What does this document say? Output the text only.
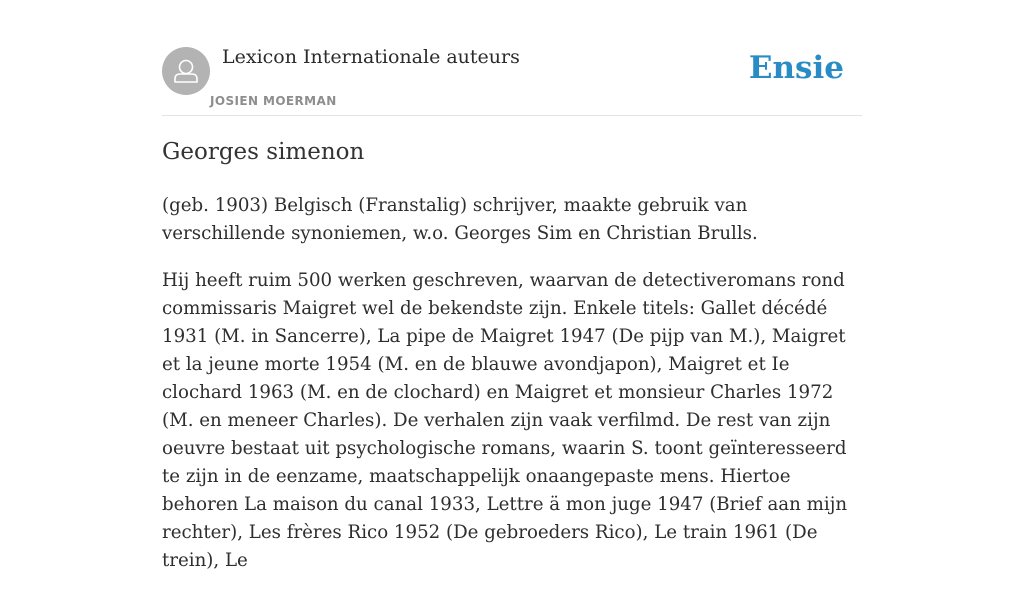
Lexicon Internationale auteurs
JOSIEN MOERMAN
Ensie
Georges simenon

(geb. 1903) Belgisch (Franstalig) schrijver, maakte gebruik van verschillende synoniemen, w.o. Georges Sim en Christian Brulls.

Hij heeft ruim 500 werken geschreven, waarvan de detectiveromans rond commissaris Maigret wel de bekendste zijn. Enkele titels: Gallet décédé 1931 (M. in Sancerre), La pipe de Maigret 1947 (De pijp van M.), Maigret et la jeune morte 1954 (M. en de blauwe avondjapon), Maigret et Ie clochard 1963 (M. en de clochard) en Maigret et monsieur Charles 1972 (M. en meneer Charles). De verhalen zijn vaak verfilmd. De rest van zijn oeuvre bestaat uit psychologische romans, waarin S. toont geïnteresseerd te zijn in de eenzame, maatschappelijk onaangepaste mens. Hiertoe behoren La maison du canal 1933, Lettre ä mon juge 1947 (Brief aan mijn rechter), Les frères Rico 1952 (De gebroeders Rico), Le train 1961 (De trein), Le
